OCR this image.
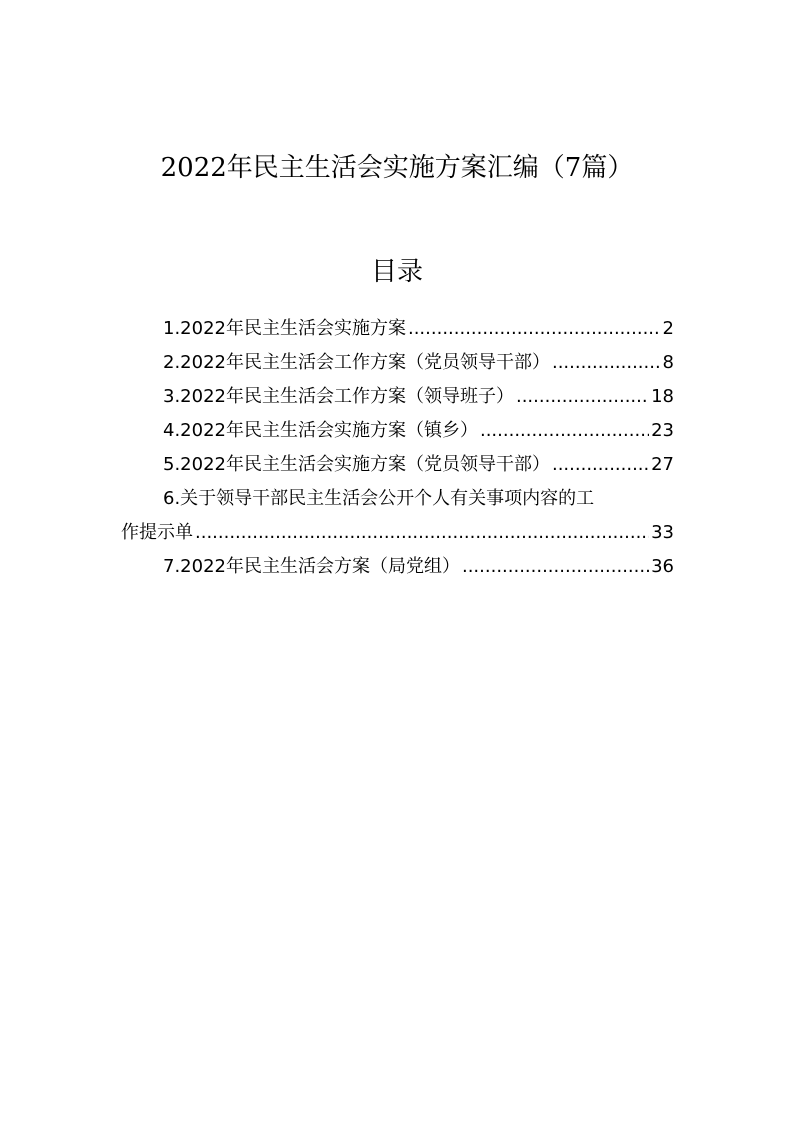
2022年民主生活会实施方案汇编（7篇）
目录
1.2022年民主生活会实施方案 .....	2
2.2022年民主生活会工作方案（党员领导干部） .....	8
3.2022年民主生活会工作方案（领导班子） .....	18
4.2022年民主生活会实施方案（镇乡） .....	23
5.2022年民主生活会实施方案（党员领导干部） .....	27
6.关于领导干部民主生活会公开个人有关事项内容的工
作提示单 .....	33
7.2022年民主生活会方案（局党组） .....	36
